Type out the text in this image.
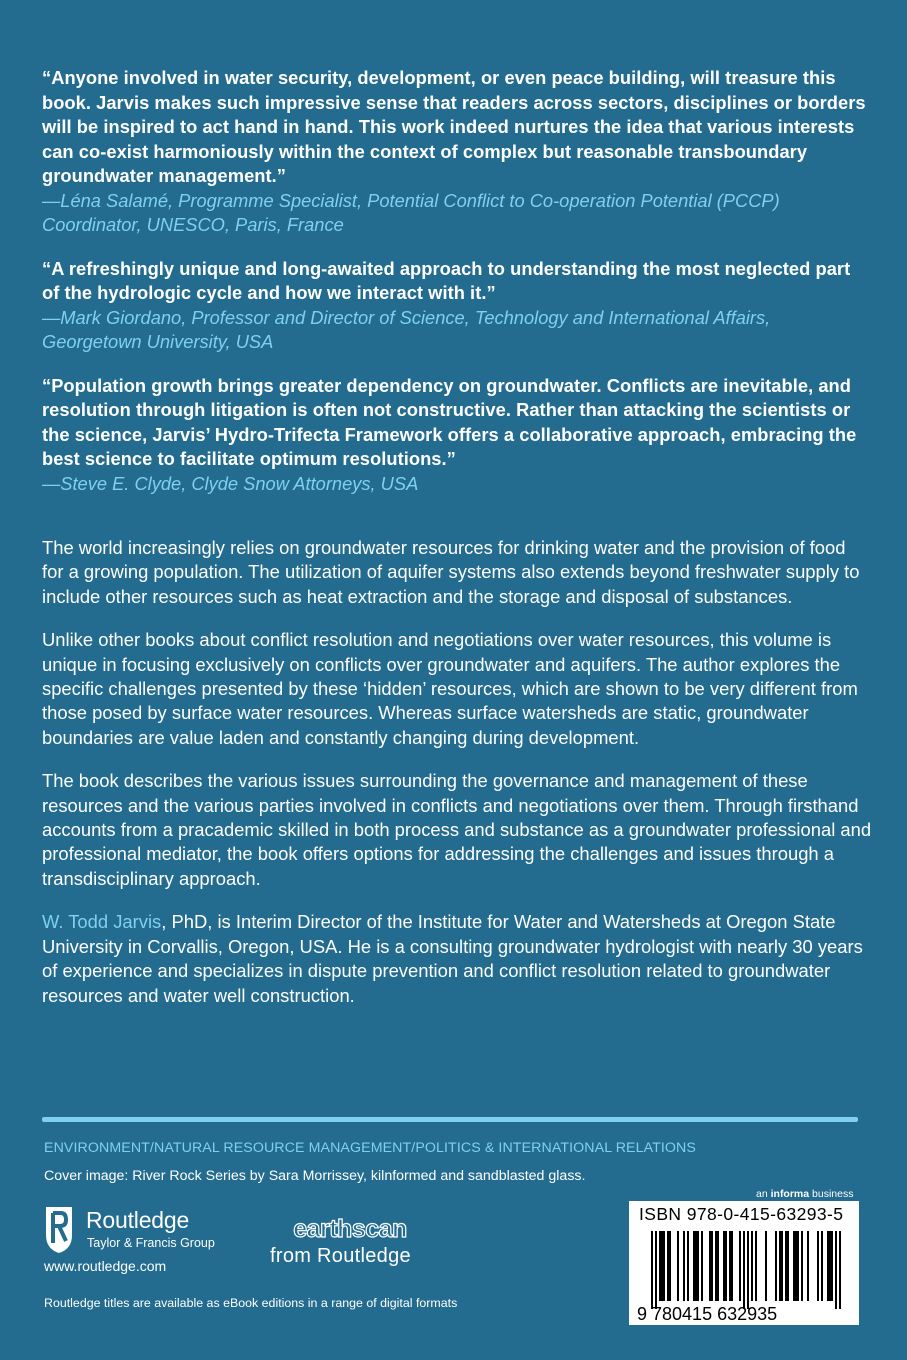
“Anyone involved in water security, development, or even peace building, will treasure this book. Jarvis makes such impressive sense that readers across sectors, disciplines or borders will be inspired to act hand in hand. This work indeed nurtures the idea that various interests can co-exist harmoniously within the context of complex but reasonable transboundary groundwater management.”
—Léna Salamé, Programme Specialist, Potential Conflict to Co-operation Potential (PCCP) Coordinator, UNESCO, Paris, France
“A refreshingly unique and long-awaited approach to understanding the most neglected part of the hydrologic cycle and how we interact with it.”
—Mark Giordano, Professor and Director of Science, Technology and International Affairs, Georgetown University, USA
“Population growth brings greater dependency on groundwater. Conflicts are inevitable, and resolution through litigation is often not constructive. Rather than attacking the scientists or the science, Jarvis’ Hydro-Trifecta Framework offers a collaborative approach, embracing the best science to facilitate optimum resolutions.”
—Steve E. Clyde, Clyde Snow Attorneys, USA
The world increasingly relies on groundwater resources for drinking water and the provision of food for a growing population. The utilization of aquifer systems also extends beyond freshwater supply to include other resources such as heat extraction and the storage and disposal of substances.
Unlike other books about conflict resolution and negotiations over water resources, this volume is unique in focusing exclusively on conflicts over groundwater and aquifers. The author explores the specific challenges presented by these ‘hidden’ resources, which are shown to be very different from those posed by surface water resources. Whereas surface watersheds are static, groundwater boundaries are value laden and constantly changing during development.
The book describes the various issues surrounding the governance and management of these resources and the various parties involved in conflicts and negotiations over them. Through firsthand accounts from a pracademic skilled in both process and substance as a groundwater professional and professional mediator, the book offers options for addressing the challenges and issues through a transdisciplinary approach.
W. Todd Jarvis, PhD, is Interim Director of the Institute for Water and Watersheds at Oregon State University in Corvallis, Oregon, USA. He is a consulting groundwater hydrologist with nearly 30 years of experience and specializes in dispute prevention and conflict resolution related to groundwater resources and water well construction.
ENVIRONMENT/NATURAL RESOURCE MANAGEMENT/POLITICS & INTERNATIONAL RELATIONS
Cover image: River Rock Series by Sara Morrissey, kilnformed and sandblasted glass.
Routledge
Taylor & Francis Group	earthscan
from Routledge
www.routledge.com
Routledge titles are available as eBook editions in a range of digital formats
an informa business
ISBN 978-0-415-63293-5
9 780415 632935
